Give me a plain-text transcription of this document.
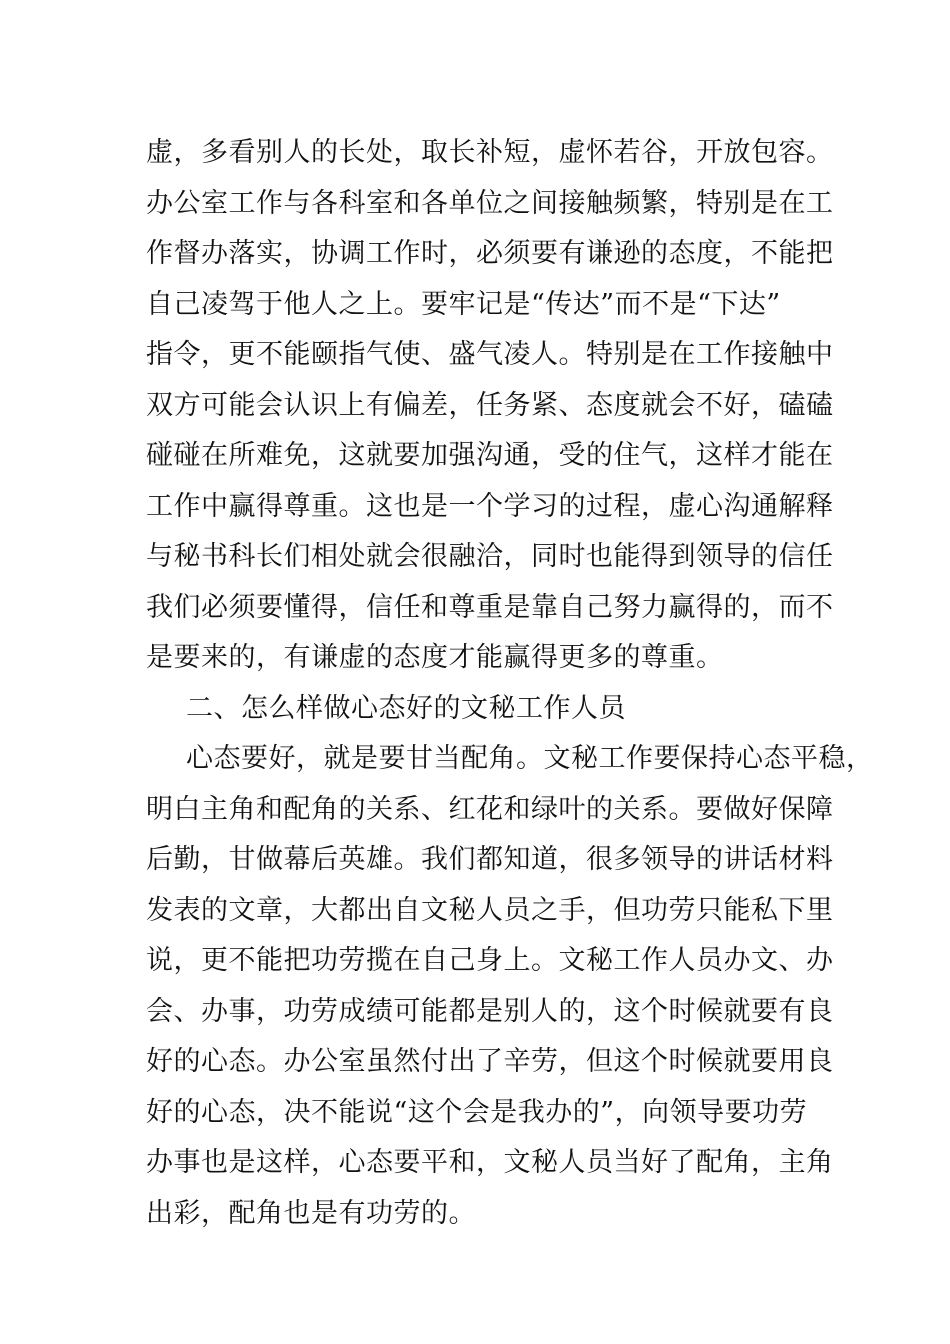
虚，多看别人的长处，取长补短，虚怀若谷，开放包容。
办公室工作与各科室和各单位之间接触频繁，特别是在工
作督办落实，协调工作时，必须要有谦逊的态度，不能把
自己凌驾于他人之上。要牢记是“传达”而不是“下达”
指令，更不能颐指气使、盛气凌人。特别是在工作接触中
双方可能会认识上有偏差，任务紧、态度就会不好，磕磕
碰碰在所难免，这就要加强沟通，受的住气，这样才能在
工作中赢得尊重。这也是一个学习的过程，虚心沟通解释
与秘书科长们相处就会很融洽，同时也能得到领导的信任
我们必须要懂得，信任和尊重是靠自己努力赢得的，而不
是要来的，有谦虚的态度才能赢得更多的尊重。
二、怎么样做心态好的文秘工作人员
心态要好，就是要甘当配角。文秘工作要保持心态平稳，
明白主角和配角的关系、红花和绿叶的关系。要做好保障
后勤，甘做幕后英雄。我们都知道，很多领导的讲话材料
发表的文章，大都出自文秘人员之手，但功劳只能私下里
说，更不能把功劳揽在自己身上。文秘工作人员办文、办
会、办事，功劳成绩可能都是别人的，这个时候就要有良
好的心态。办公室虽然付出了辛劳，但这个时候就要用良
好的心态，决不能说“这个会是我办的”，向领导要功劳
办事也是这样，心态要平和，文秘人员当好了配角，主角
出彩，配角也是有功劳的。
